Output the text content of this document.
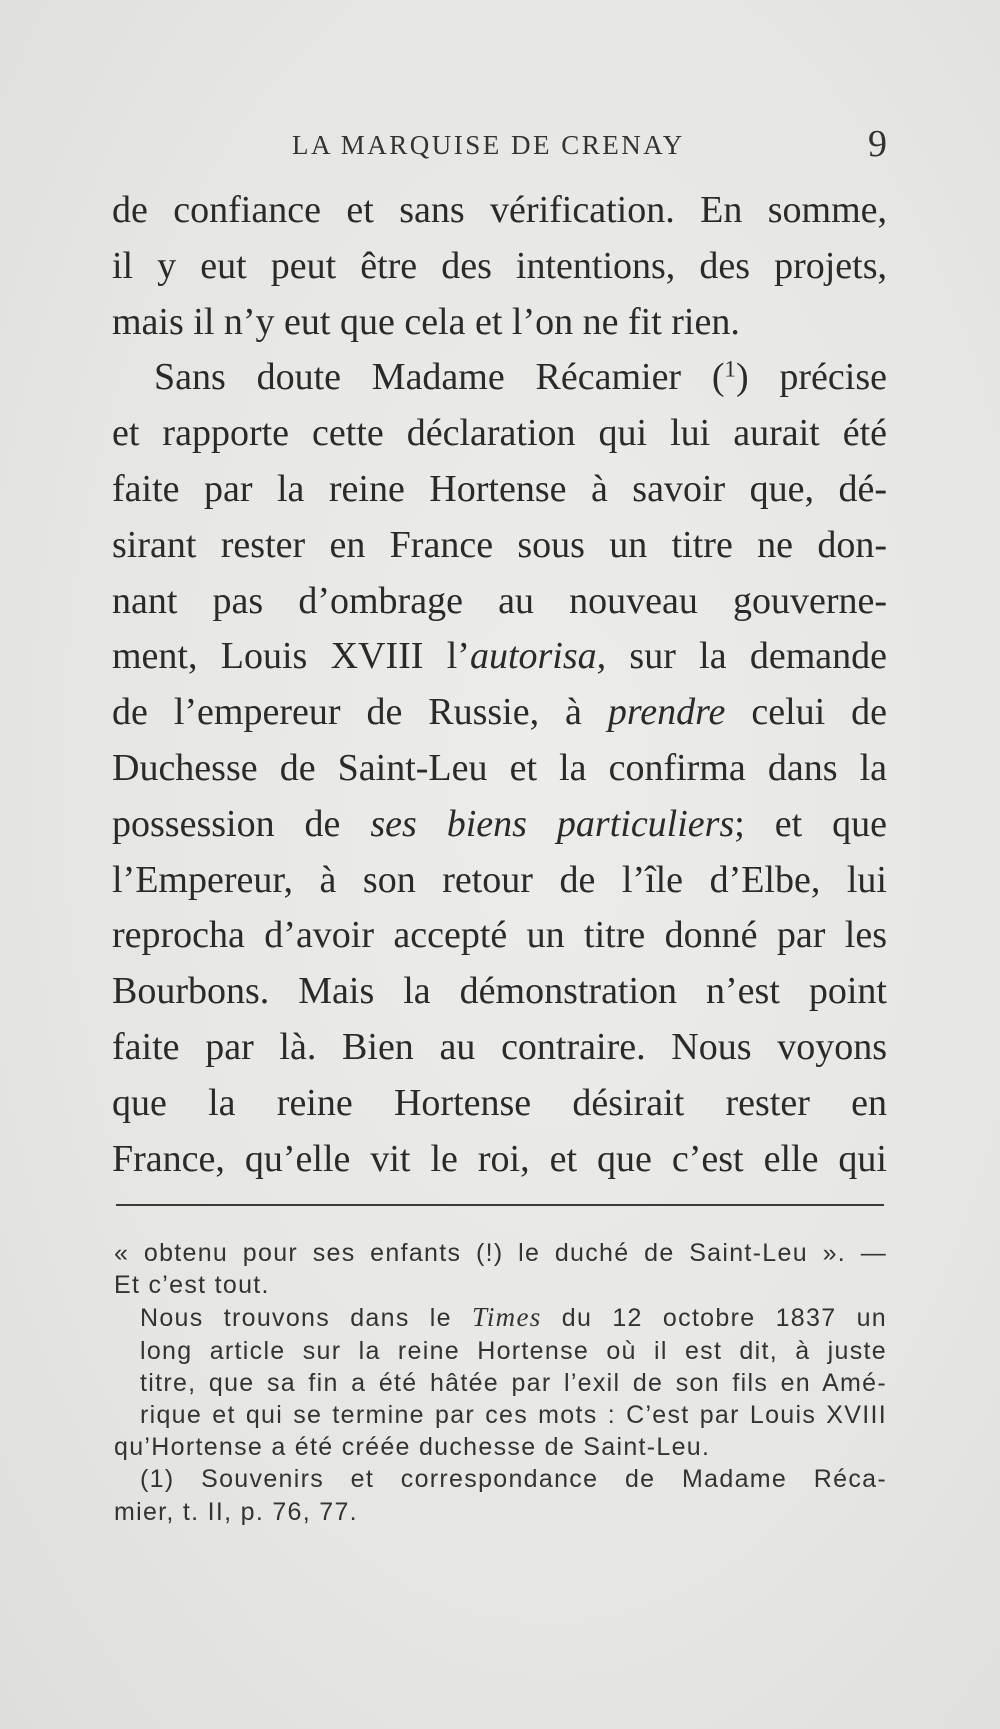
LA MARQUISE DE CRENAY	9

de confiance et sans vérification. En somme,
il y eut peut être des intentions, des projets,

mais il n’y eut que cela et l’on ne fit rien.

Sans doute Madame Récamier ($^1$) précise

et rapporte cette déclaration qui lui aurait été
faite par la reine Hortense à savoir que, dé-
sirant rester en France sous un titre ne don-
nant pas d’ombrage au nouveau gouverne-
ment, Louis XVIII l’autorisa, sur la demande
de l’empereur de Russie, à prendre celui de
Duchesse de Saint-Leu et la confirma dans la
possession de ses biens particuliers; et que
l’Empereur, à son retour de l’île d’Elbe, lui
reprocha d’avoir accepté un titre donné par les
Bourbons. Mais la démonstration n’est point
faite par là. Bien au contraire. Nous voyons
que la reine Hortense désirait rester en
France, qu’elle vit le roi, et que c’est elle qui

« obtenu pour ses enfants (!) le duché de Saint-Leu ». —

Et c’est tout.

Nous trouvons dans le Times du 12 octobre 1837 un
long article sur la reine Hortense où il est dit, à juste
titre, que sa fin a été hâtée par l’exil de son fils en Amé-
rique et qui se termine par ces mots : C’est par Louis XVIII

qu’Hortense a été créée duchesse de Saint-Leu.

(1) Souvenirs et correspondance de Madame Réca-

mier, t. II, p. 76, 77.
